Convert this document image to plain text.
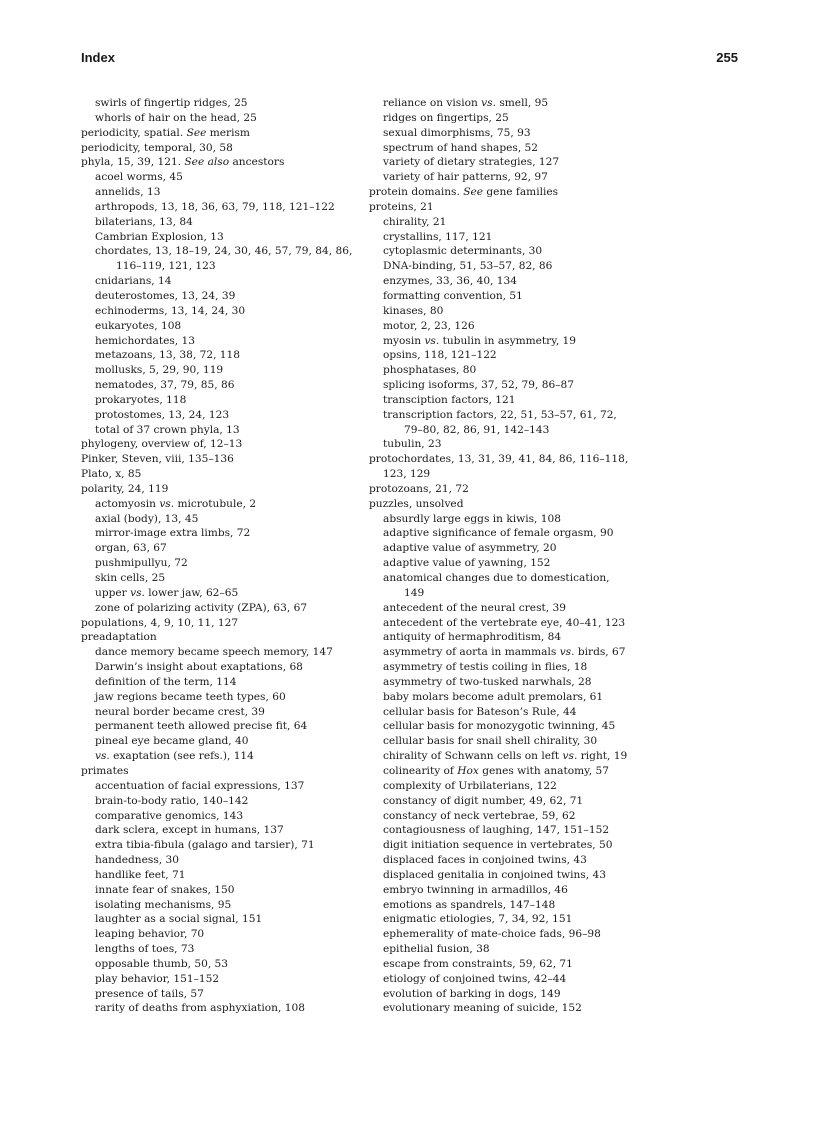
Index	255
swirls of fingertip ridges, 25
whorls of hair on the head, 25
periodicity, spatial. See merism
periodicity, temporal, 30, 58
phyla, 15, 39, 121. See also ancestors
acoel worms, 45
annelids, 13
arthropods, 13, 18, 36, 63, 79, 118, 121–122
bilaterians, 13, 84
Cambrian Explosion, 13
chordates, 13, 18–19, 24, 30, 46, 57, 79, 84, 86,
116–119, 121, 123
cnidarians, 14
deuterostomes, 13, 24, 39
echinoderms, 13, 14, 24, 30
eukaryotes, 108
hemichordates, 13
metazoans, 13, 38, 72, 118
mollusks, 5, 29, 90, 119
nematodes, 37, 79, 85, 86
prokaryotes, 118
protostomes, 13, 24, 123
total of 37 crown phyla, 13
phylogeny, overview of, 12–13
Pinker, Steven, viii, 135–136
Plato, x, 85
polarity, 24, 119
actomyosin vs. microtubule, 2
axial (body), 13, 45
mirror-image extra limbs, 72
organ, 63, 67
pushmipullyu, 72
skin cells, 25
upper vs. lower jaw, 62–65
zone of polarizing activity (ZPA), 63, 67
populations, 4, 9, 10, 11, 127
preadaptation
dance memory became speech memory, 147
Darwin’s insight about exaptations, 68
definition of the term, 114
jaw regions became teeth types, 60
neural border became crest, 39
permanent teeth allowed precise fit, 64
pineal eye became gland, 40
vs. exaptation (see refs.), 114
primates
accentuation of facial expressions, 137
brain-to-body ratio, 140–142
comparative genomics, 143
dark sclera, except in humans, 137
extra tibia-fibula (galago and tarsier), 71
handedness, 30
handlike feet, 71
innate fear of snakes, 150
isolating mechanisms, 95
laughter as a social signal, 151
leaping behavior, 70
lengths of toes, 73
opposable thumb, 50, 53
play behavior, 151–152
presence of tails, 57
rarity of deaths from asphyxiation, 108
reliance on vision vs. smell, 95
ridges on fingertips, 25
sexual dimorphisms, 75, 93
spectrum of hand shapes, 52
variety of dietary strategies, 127
variety of hair patterns, 92, 97
protein domains. See gene families
proteins, 21
chirality, 21
crystallins, 117, 121
cytoplasmic determinants, 30
DNA-binding, 51, 53–57, 82, 86
enzymes, 33, 36, 40, 134
formatting convention, 51
kinases, 80
motor, 2, 23, 126
myosin vs. tubulin in asymmetry, 19
opsins, 118, 121–122
phosphatases, 80
splicing isoforms, 37, 52, 79, 86–87
transciption factors, 121
transcription factors, 22, 51, 53–57, 61, 72,
79–80, 82, 86, 91, 142–143
tubulin, 23
protochordates, 13, 31, 39, 41, 84, 86, 116–118,
123, 129
protozoans, 21, 72
puzzles, unsolved
absurdly large eggs in kiwis, 108
adaptive significance of female orgasm, 90
adaptive value of asymmetry, 20
adaptive value of yawning, 152
anatomical changes due to domestication,
149
antecedent of the neural crest, 39
antecedent of the vertebrate eye, 40–41, 123
antiquity of hermaphroditism, 84
asymmetry of aorta in mammals vs. birds, 67
asymmetry of testis coiling in flies, 18
asymmetry of two-tusked narwhals, 28
baby molars become adult premolars, 61
cellular basis for Bateson’s Rule, 44
cellular basis for monozygotic twinning, 45
cellular basis for snail shell chirality, 30
chirality of Schwann cells on left vs. right, 19
colinearity of Hox genes with anatomy, 57
complexity of Urbilaterians, 122
constancy of digit number, 49, 62, 71
constancy of neck vertebrae, 59, 62
contagiousness of laughing, 147, 151–152
digit initiation sequence in vertebrates, 50
displaced faces in conjoined twins, 43
displaced genitalia in conjoined twins, 43
embryo twinning in armadillos, 46
emotions as spandrels, 147–148
enigmatic etiologies, 7, 34, 92, 151
ephemerality of mate-choice fads, 96–98
epithelial fusion, 38
escape from constraints, 59, 62, 71
etiology of conjoined twins, 42–44
evolution of barking in dogs, 149
evolutionary meaning of suicide, 152
